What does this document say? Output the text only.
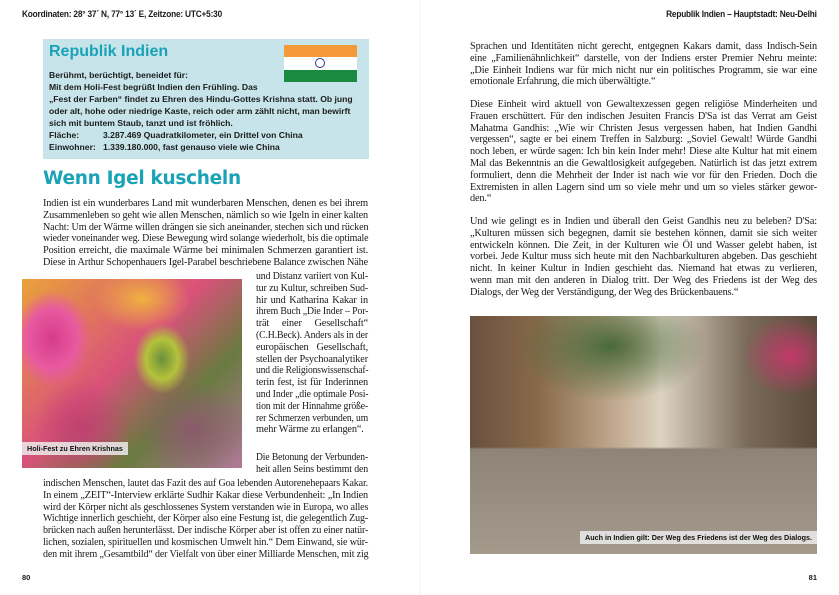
Koordinaten: 28° 37´ N, 77° 13´ E, Zeitzone: UTC+5:30	Republik Indien – Hauptstadt: Neu-Delhi
Republik Indien
Berühmt, berüchtigt, beneidet für:
Mit dem Holi-Fest begrüßt Indien den Frühling. Das
„Fest der Farben“ findet zu Ehren des Hindu-Gottes Krishna statt. Ob jung
oder alt, hohe oder niedrige Kaste, reich oder arm zählt nicht, man bewirft
sich mit buntem Staub, tanzt und ist fröhlich.
Fläche:	3.287.469 Quadratkilometer, ein Drittel von China
Einwohner: 1.339.180.000, fast genauso viele wie China
Wenn Igel kuscheln
Indien ist ein wunderbares Land mit wunderbaren Menschen, denen es bei ihrem
Zusammenleben so geht wie allen Menschen, nämlich so wie Igeln in einer kalten
Nacht: Um der Wärme willen drängen sie sich aneinander, stechen sich und rücken
wieder voneinander weg. Diese Bewegung wird solange wiederholt, bis die optimale
Position erreicht, die maximale Wärme bei minimalen Schmerzen garantiert ist.
Diese in Arthur Schopenhauers Igel-Parabel beschriebene Balance zwischen Nähe
und Distanz variiert von Kul-
tur zu Kultur, schreiben Sud-
hir und Katharina Kakar in
ihrem Buch „Die Inder – Por-
trät einer Gesellschaft“
(C.H.Beck). Anders als in der
europäischen Gesellschaft,
stellen der Psychoanalytiker
und die Religionswissenschaf-
terin fest, ist für Inderinnen
und Inder „die optimale Posi-
tion mit der Hinnahme größe-
rer Schmerzen verbunden, um
mehr Wärme zu erlangen“.
Die Betonung der Verbunden-
heit allen Seins bestimmt den
indischen Menschen, lautet das Fazit des auf Goa lebenden Autorenehepaars Kakar.
In einem „ZEIT“-Interview erklärte Sudhir Kakar diese Verbundenheit: „In Indien
wird der Körper nicht als geschlossenes System verstanden wie in Europa, wo alles
Wichtige innerlich geschieht, der Körper also eine Festung ist, die gelegentlich Zug-
brücken nach außen herunterlässt. Der indische Körper aber ist offen zu einer natür-
lichen, sozialen, spirituellen und kosmischen Umwelt hin.“ Dem Einwand, sie wür-
den mit ihrem „Gesamtbild“ der Vielfalt von über einer Milliarde Menschen, mit zig
Holi-Fest zu Ehren Krishnas
Sprachen und Identitäten nicht gerecht, entgegnen Kakars damit, dass Indisch-Sein
eine „Familienähnlichkeit“ darstelle, von der Indiens erster Premier Nehru meinte:
„Die Einheit Indiens war für mich nicht nur ein politisches Programm, sie war eine
emotionale Erfahrung, die mich überwältigte.“
Diese Einheit wird aktuell von Gewaltexzessen gegen religiöse Minderheiten und
Frauen erschüttert. Für den indischen Jesuiten Francis D'Sa ist das Verrat am Geist
Mahatma Gandhis: „Wie wir Christen Jesus vergessen haben, hat Indien Gandhi
vergessen“, sagte er bei einem Treffen in Salzburg: „Soviel Gewalt! Würde Gandhi
noch leben, er würde sagen: Ich bin kein Inder mehr! Diese alte Kultur hat mit einem
Mal das Bekenntnis an die Gewaltlosigkeit aufgegeben. Natürlich ist das jetzt extrem
formuliert, denn die Mehrheit der Inder ist nach wie vor für den Frieden. Doch die
Extremisten in allen Lagern sind um so viele mehr und um so vieles stärker gewor-
den.“
Und wie gelingt es in Indien und überall den Geist Gandhis neu zu beleben? D'Sa:
„Kulturen müssen sich begegnen, damit sie bestehen können, damit sie sich weiter
entwickeln können. Die Zeit, in der Kulturen wie Öl und Wasser gelebt haben, ist
vorbei. Jede Kultur muss sich heute mit den Nachbarkulturen abgeben. Das geschieht
nicht. In keiner Kultur in Indien geschieht das. Niemand hat etwas zu verlieren,
wenn man mit den anderen in Dialog tritt. Der Weg des Friedens ist der Weg des
Dialogs, der Weg der Verständigung, der Weg des Brückenbauens.“
Auch in Indien gilt: Der Weg des Friedens ist der Weg des Dialogs.
80	81
